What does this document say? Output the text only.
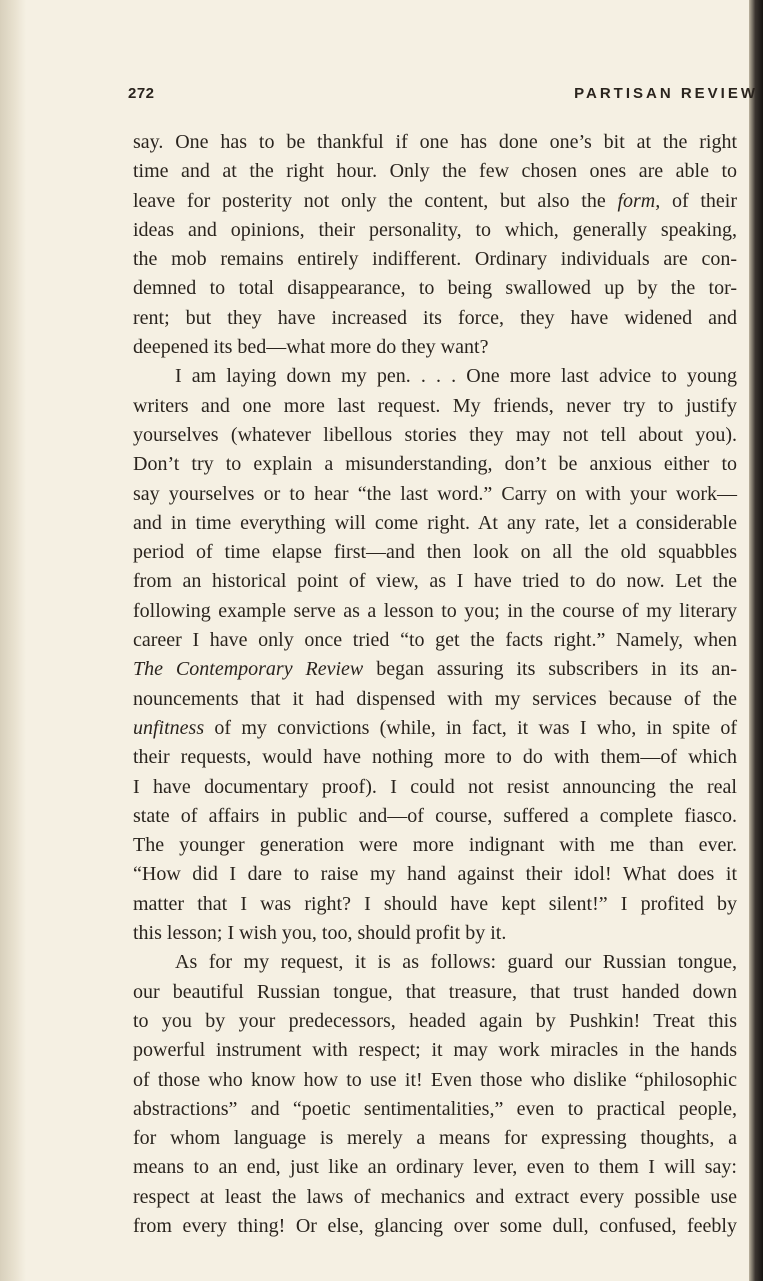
272	PARTISAN REVIEW
say. One has to be thankful if one has done one’s bit at the right
time and at the right hour. Only the few chosen ones are able to
leave for posterity not only the content, but also the form, of their
ideas and opinions, their personality, to which, generally speaking,
the mob remains entirely indifferent. Ordinary individuals are con-
demned to total disappearance, to being swallowed up by the tor-
rent; but they have increased its force, they have widened and
deepened its bed—what more do they want?
I am laying down my pen. . . . One more last advice to young
writers and one more last request. My friends, never try to justify
yourselves (whatever libellous stories they may not tell about you).
Don’t try to explain a misunderstanding, don’t be anxious either to
say yourselves or to hear “the last word.” Carry on with your work—
and in time everything will come right. At any rate, let a considerable
period of time elapse first—and then look on all the old squabbles
from an historical point of view, as I have tried to do now. Let the
following example serve as a lesson to you; in the course of my literary
career I have only once tried “to get the facts right.” Namely, when
The Contemporary Review began assuring its subscribers in its an-
nouncements that it had dispensed with my services because of the
unfitness of my convictions (while, in fact, it was I who, in spite of
their requests, would have nothing more to do with them—of which
I have documentary proof). I could not resist announcing the real
state of affairs in public and—of course, suffered a complete fiasco.
The younger generation were more indignant with me than ever.
“How did I dare to raise my hand against their idol! What does it
matter that I was right? I should have kept silent!” I profited by
this lesson; I wish you, too, should profit by it.
As for my request, it is as follows: guard our Russian tongue,
our beautiful Russian tongue, that treasure, that trust handed down
to you by your predecessors, headed again by Pushkin! Treat this
powerful instrument with respect; it may work miracles in the hands
of those who know how to use it! Even those who dislike “philosophic
abstractions” and “poetic sentimentalities,” even to practical people,
for whom language is merely a means for expressing thoughts, a
means to an end, just like an ordinary lever, even to them I will say:
respect at least the laws of mechanics and extract every possible use
from every thing! Or else, glancing over some dull, confused, feebly
